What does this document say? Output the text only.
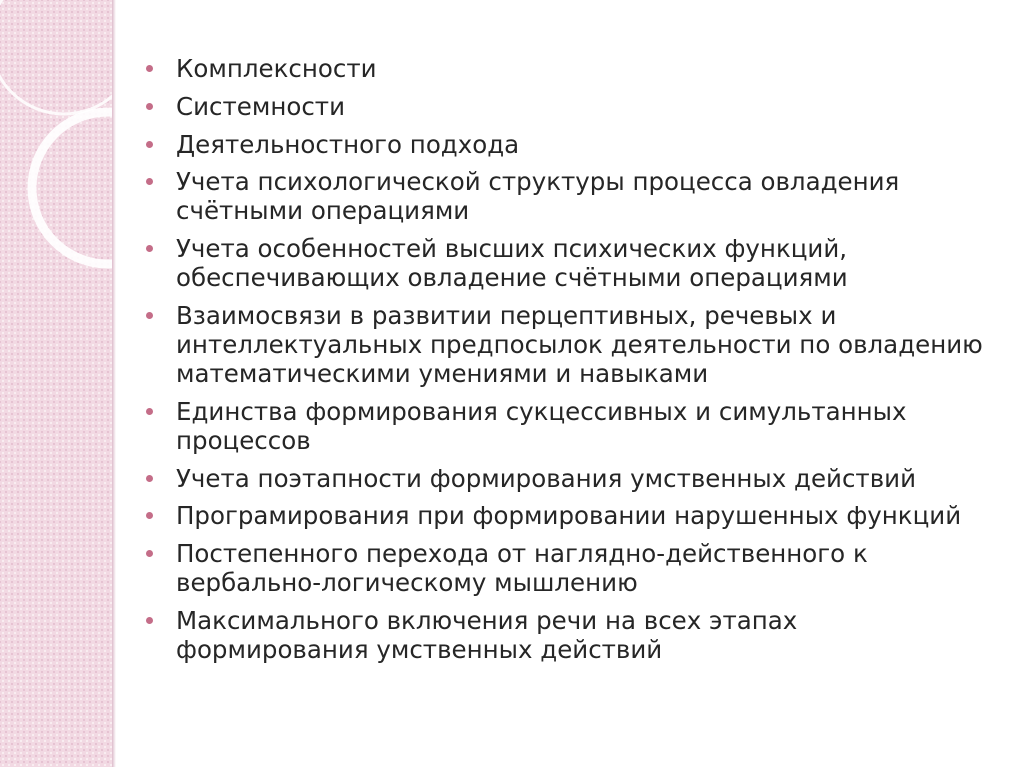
Комплексности
Системности
Деятельностного подхода
Учета психологической структуры процесса овладения счётными операциями
Учета особенностей высших психических функций, обеспечивающих овладение счётными операциями
Взаимосвязи в развитии перцептивных, речевых и интеллектуальных предпосылок деятельности по овладению математическими умениями и навыками
Единства формирования сукцессивных и симультанных процессов
Учета поэтапности формирования умственных действий
Програмирования при формировании нарушенных функций
Постепенного перехода от наглядно-действенного к вербально-логическому мышлению
Максимального включения речи на всех этапах формирования умственных действий
